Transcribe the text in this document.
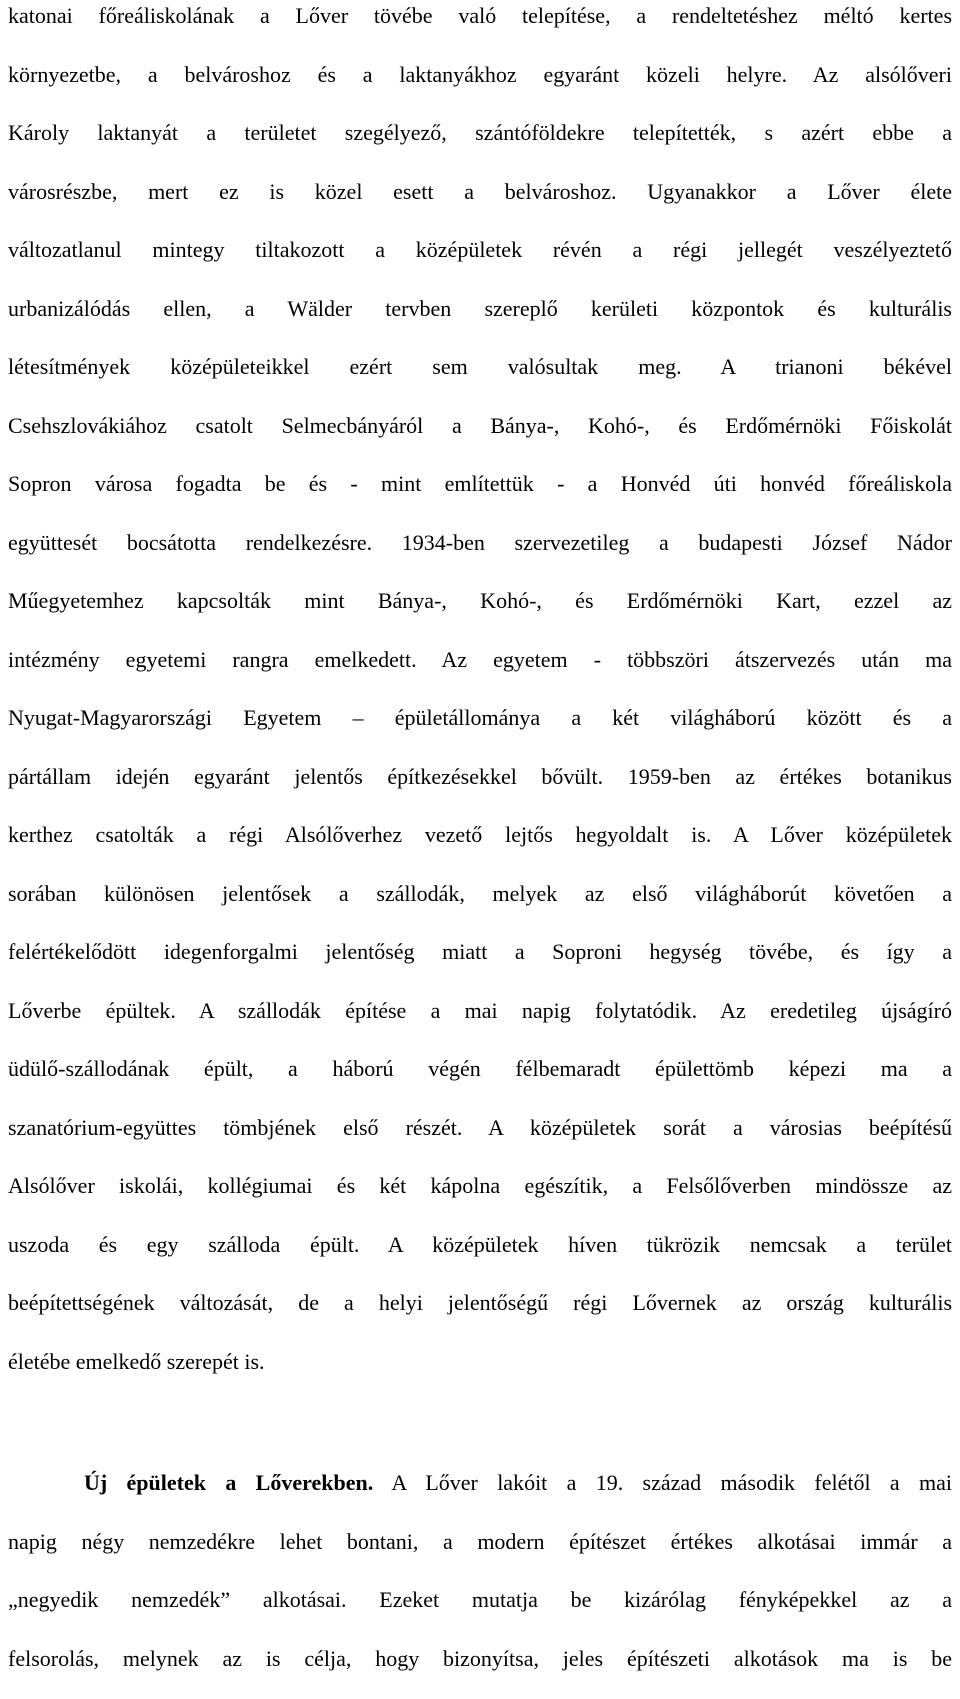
katonai főreáliskolának a Lőver tövébe való telepítése, a rendeltetéshez méltó kertes
környezetbe, a belvároshoz és a laktanyákhoz egyaránt közeli helyre. Az alsólőveri
Károly laktanyát a területet szegélyező, szántóföldekre telepítették, s azért ebbe a
városrészbe, mert ez is közel esett a belvároshoz. Ugyanakkor a Lőver élete
változatlanul mintegy tiltakozott a középületek révén a régi jellegét veszélyeztető
urbanizálódás ellen, a Wälder tervben szereplő kerületi központok és kulturális
létesítmények középületeikkel ezért sem valósultak meg. A trianoni békével
Csehszlovákiához csatolt Selmecbányáról a Bánya-, Kohó-, és Erdőmérnöki Főiskolát
Sopron városa fogadta be és - mint említettük - a Honvéd úti honvéd főreáliskola
együttesét bocsátotta rendelkezésre. 1934-ben szervezetileg a budapesti József Nádor
Műegyetemhez kapcsolták mint Bánya-, Kohó-, és Erdőmérnöki Kart, ezzel az
intézmény egyetemi rangra emelkedett. Az egyetem - többszöri átszervezés után ma
Nyugat-Magyarországi Egyetem – épületállománya a két világháború között és a
pártállam idején egyaránt jelentős építkezésekkel bővült. 1959-ben az értékes botanikus
kerthez csatolták a régi Alsólőverhez vezető lejtős hegyoldalt is. A Lőver középületek
sorában különösen jelentősek a szállodák, melyek az első világháborút követően a
felértékelődött idegenforgalmi jelentőség miatt a Soproni hegység tövébe, és így a
Lőverbe épültek. A szállodák építése a mai napig folytatódik. Az eredetileg újságíró
üdülő-szállodának épült, a háború végén félbemaradt épülettömb képezi ma a
szanatórium-együttes tömbjének első részét. A középületek sorát a városias beépítésű
Alsólőver iskolái, kollégiumai és két kápolna egészítik, a Felsőlőverben mindössze az
uszoda és egy szálloda épült. A középületek híven tükrözik nemcsak a terület
beépítettségének változását, de a helyi jelentőségű régi Lővernek az ország kulturális
életébe emelkedő szerepét is.
Új épületek a Lőverekben. A Lőver lakóit a 19. század második felétől a mai
napig négy nemzedékre lehet bontani, a modern építészet értékes alkotásai immár a
„negyedik nemzedék” alkotásai. Ezeket mutatja be kizárólag fényképekkel az a
felsorolás, melynek az is célja, hogy bizonyítsa, jeles építészeti alkotások ma is be
